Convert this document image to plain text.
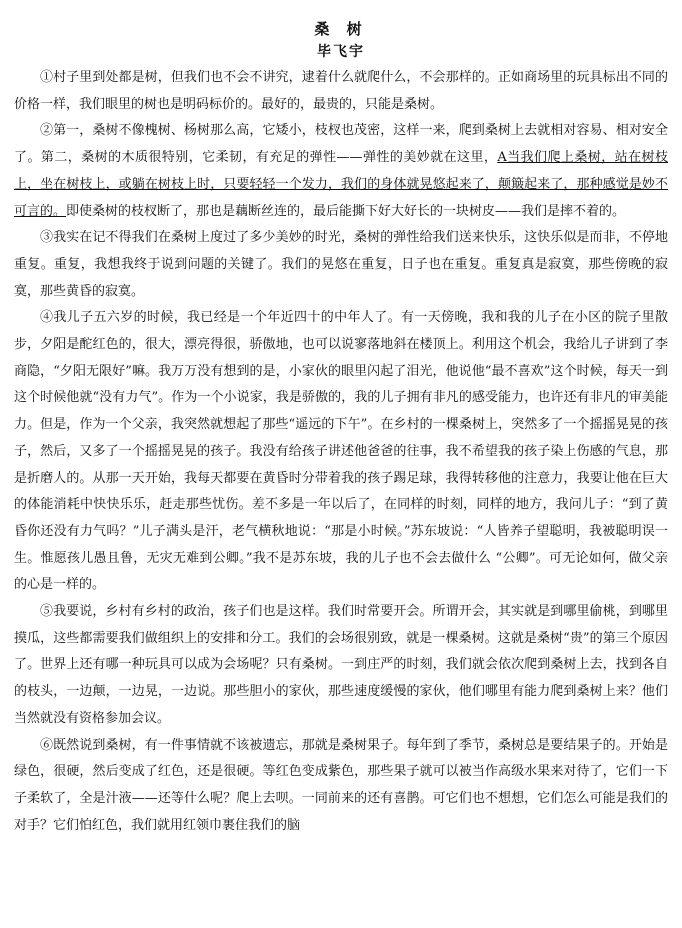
桑 树
毕飞宇

①村子里到处都是树，但我们也不会不讲究，逮着什么就爬什么，不会那样的。正如商场里的玩具标出不同的价格一样，我们眼里的树也是明码标价的。最好的，最贵的，只能是桑树。

②第一，桑树不像槐树、杨树那么高，它矮小，枝杈也茂密，这样一来，爬到桑树上去就相对容易、相对安全了。第二，桑树的木质很特别，它柔韧，有充足的弹性——弹性的美妙就在这里，A当我们爬上桑树，站在树枝上，坐在树枝上，或躺在树枝上时，只要轻轻一个发力，我们的身体就晃悠起来了，颠簸起来了，那种感觉是妙不可言的。即使桑树的枝杈断了，那也是藕断丝连的，最后能撕下好大好长的一块树皮——我们是摔不着的。

③我实在记不得我们在桑树上度过了多少美妙的时光，桑树的弹性给我们送来快乐，这快乐似是而非，不停地重复。重复，我想我终于说到问题的关键了。我们的晃悠在重复，日子也在重复。重复真是寂寞，那些傍晚的寂寞，那些黄昏的寂寞。

④我儿子五六岁的时候，我已经是一个年近四十的中年人了。有一天傍晚，我和我的儿子在小区的院子里散步，夕阳是酡红色的，很大，漂亮得很，骄傲地，也可以说寥落地斜在楼顶上。利用这个机会，我给儿子讲到了李商隐，“夕阳无限好”嘛。我万万没有想到的是，小家伙的眼里闪起了泪光，他说他“最不喜欢”这个时候，每天一到这个时候他就“没有力气”。作为一个小说家，我是骄傲的，我的儿子拥有非凡的感受能力，也许还有非凡的审美能力。但是，作为一个父亲，我突然就想起了那些“遥远的下午”。在乡村的一棵桑树上，突然多了一个摇摇晃晃的孩子，然后，又多了一个摇摇晃晃的孩子。我没有给孩子讲述他爸爸的往事，我不希望我的孩子染上伤感的气息，那是折磨人的。从那一天开始，我每天都要在黄昏时分带着我的孩子踢足球，我得转移他的注意力，我要让他在巨大的体能消耗中快快乐乐，赶走那些忧伤。差不多是一年以后了，在同样的时刻，同样的地方，我问儿子：“到了黄昏你还没有力气吗？”儿子满头是汗，老气横秋地说：“那是小时候。”苏东坡说：“人皆养子望聪明，我被聪明误一生。惟愿孩儿愚且鲁，无灾无难到公卿。”我不是苏东坡，我的儿子也不会去做什么 “公卿”。可无论如何，做父亲的心是一样的。

⑤我要说，乡村有乡村的政治，孩子们也是这样。我们时常要开会。所谓开会，其实就是到哪里偷桃，到哪里摸瓜，这些都需要我们做组织上的安排和分工。我们的会场很别致，就是一棵桑树。这就是桑树“贵”的第三个原因了。世界上还有哪一种玩具可以成为会场呢？只有桑树。一到庄严的时刻，我们就会依次爬到桑树上去，找到各自的枝头，一边颠，一边晃，一边说。那些胆小的家伙，那些速度缓慢的家伙，他们哪里有能力爬到桑树上来？他们当然就没有资格参加会议。

⑥既然说到桑树，有一件事情就不该被遗忘，那就是桑树果子。每年到了季节，桑树总是要结果子的。开始是绿色，很硬，然后变成了红色，还是很硬。等红色变成紫色，那些果子就可以被当作高级水果来对待了，它们一下子柔软了，全是汁液——还等什么呢？爬上去呗。一同前来的还有喜鹊。可它们也不想想，它们怎么可能是我们的对手？它们怕红色，我们就用红领巾裹住我们的脑
